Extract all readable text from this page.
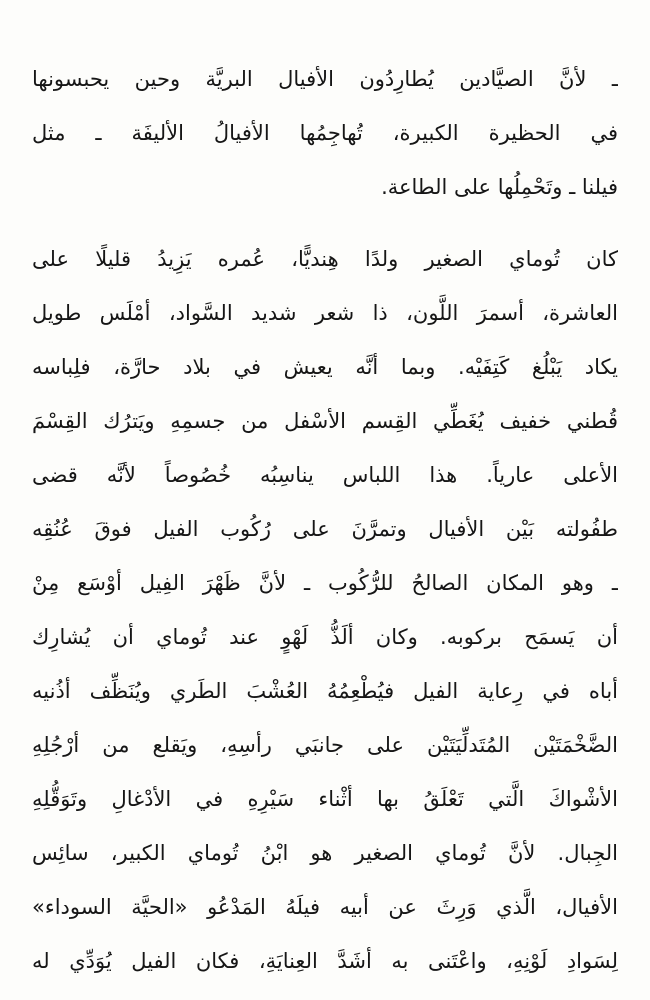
ـ لأنَّ الصيَّادين يُطارِدُون الأفيال البريَّة وحين يحبسونها
في الحظيرة الكبيرة، تُهاجِمُها الأفيالُ الأليفَة ـ مثل
فيلنا ـ وتَحْمِلُها على الطاعة.
كان تُوماي الصغير ولدًا هِنديًّا، عُمره يَزِيدُ قليلًا على
العاشرة، أسمرَ اللَّون، ذا شعر شديد السَّواد، أمْلَس طويل
يكاد يَبْلُغ كَتِفَيْه. وبما أنَّه يعيش في بلاد حارَّة، فلِباسه
قُطني خفيف يُغَطِّي القِسم الأسْفل من جسمِهِ ويَترُك القِسْمَ
الأعلى عارياً. هذا اللباس يناسِبُه خُصُوصاً لأنَّه قضى
طفُولته بَيْن الأفيال وتمرَّنَ على رُكُوب الفيل فوقَ عُنُقِه
ـ وهو المكان الصالحُ للرُّكُوب ـ لأنَّ ظَهْرَ الفِيل أوْسَع مِنْ
أن يَسمَح بركوبه. وكان ألَذُّ لَهْوٍ عند تُوماي أن يُشارِك
أباه في رِعاية الفيل فيُطْعِمُهُ العُشْبَ الطَري ويُنَظِّف أذُنيه
الضَّخْمَتَيْن المُتَدلِّيَتَيْن على جانبَي رأسِهِ، ويَقلع من أرْجُلِهِ
الأشْواكَ الَّتي تَعْلَقُ بها أثْناء سَيْرِهِ في الأدْغالِ وتَوَقُّلِهِ
الجِبال. لأنَّ تُوماي الصغير هو ابْنُ تُوماي الكبير، سائِس
الأفيال، الَّذي وَرِثَ عن أبيه فيلَهُ المَدْعُو «الحيَّة السوداء»
لِسَوادِ لَوْنِهِ، واعْتَنى به أشَدَّ العِنايَةِ، فكان الفيل يُوَدِّي له
